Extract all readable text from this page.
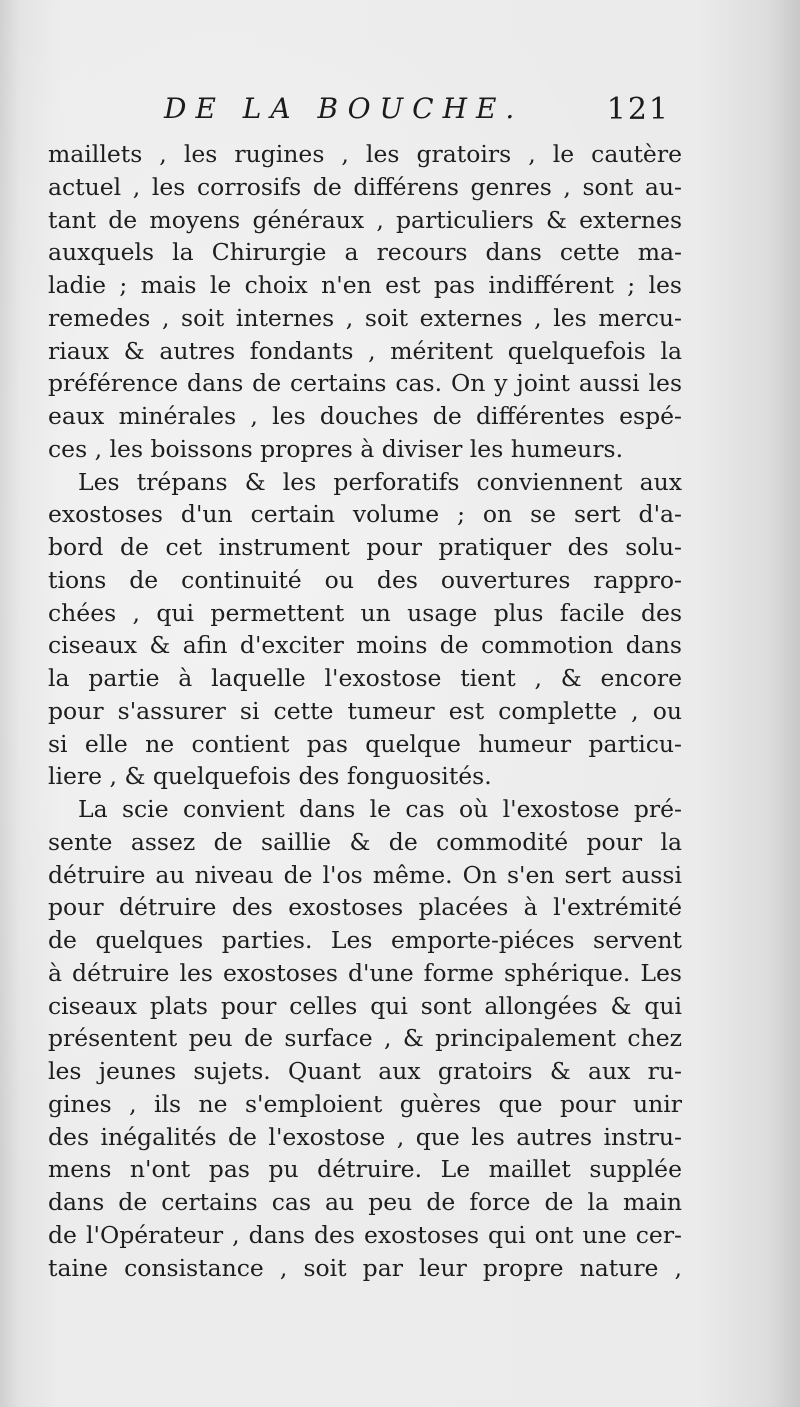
DE LA BOUCHE.	121
maillets , les rugines , les gratoirs , le cautère
actuel , les corrosifs de différens genres , sont au-
tant de moyens généraux , particuliers & externes
auxquels la Chirurgie a recours dans cette ma-
ladie ; mais le choix n'en est pas indifférent ; les
remedes , soit internes , soit externes , les mercu-
riaux & autres fondants , méritent quelquefois la
préférence dans de certains cas. On y joint aussi les
eaux minérales , les douches de différentes espé-
ces , les boissons propres à diviser les humeurs.
Les trépans & les perforatifs conviennent aux
exostoses d'un certain volume ; on se sert d'a-
bord de cet instrument pour pratiquer des solu-
tions de continuité ou des ouvertures rappro-
chées , qui permettent un usage plus facile des
ciseaux & afin d'exciter moins de commotion dans
la partie à laquelle l'exostose tient , & encore
pour s'assurer si cette tumeur est complette , ou
si elle ne contient pas quelque humeur particu-
liere , & quelquefois des fonguosités.
La scie convient dans le cas où l'exostose pré-
sente assez de saillie & de commodité pour la
détruire au niveau de l'os même. On s'en sert aussi
pour détruire des exostoses placées à l'extrémité
de quelques parties. Les emporte-piéces servent
à détruire les exostoses d'une forme sphérique. Les
ciseaux plats pour celles qui sont allongées & qui
présentent peu de surface , & principalement chez
les jeunes sujets. Quant aux gratoirs & aux ru-
gines , ils ne s'emploient guères que pour unir
des inégalités de l'exostose , que les autres instru-
mens n'ont pas pu détruire. Le maillet supplée
dans de certains cas au peu de force de la main
de l'Opérateur , dans des exostoses qui ont une cer-
taine consistance , soit par leur propre nature ,
